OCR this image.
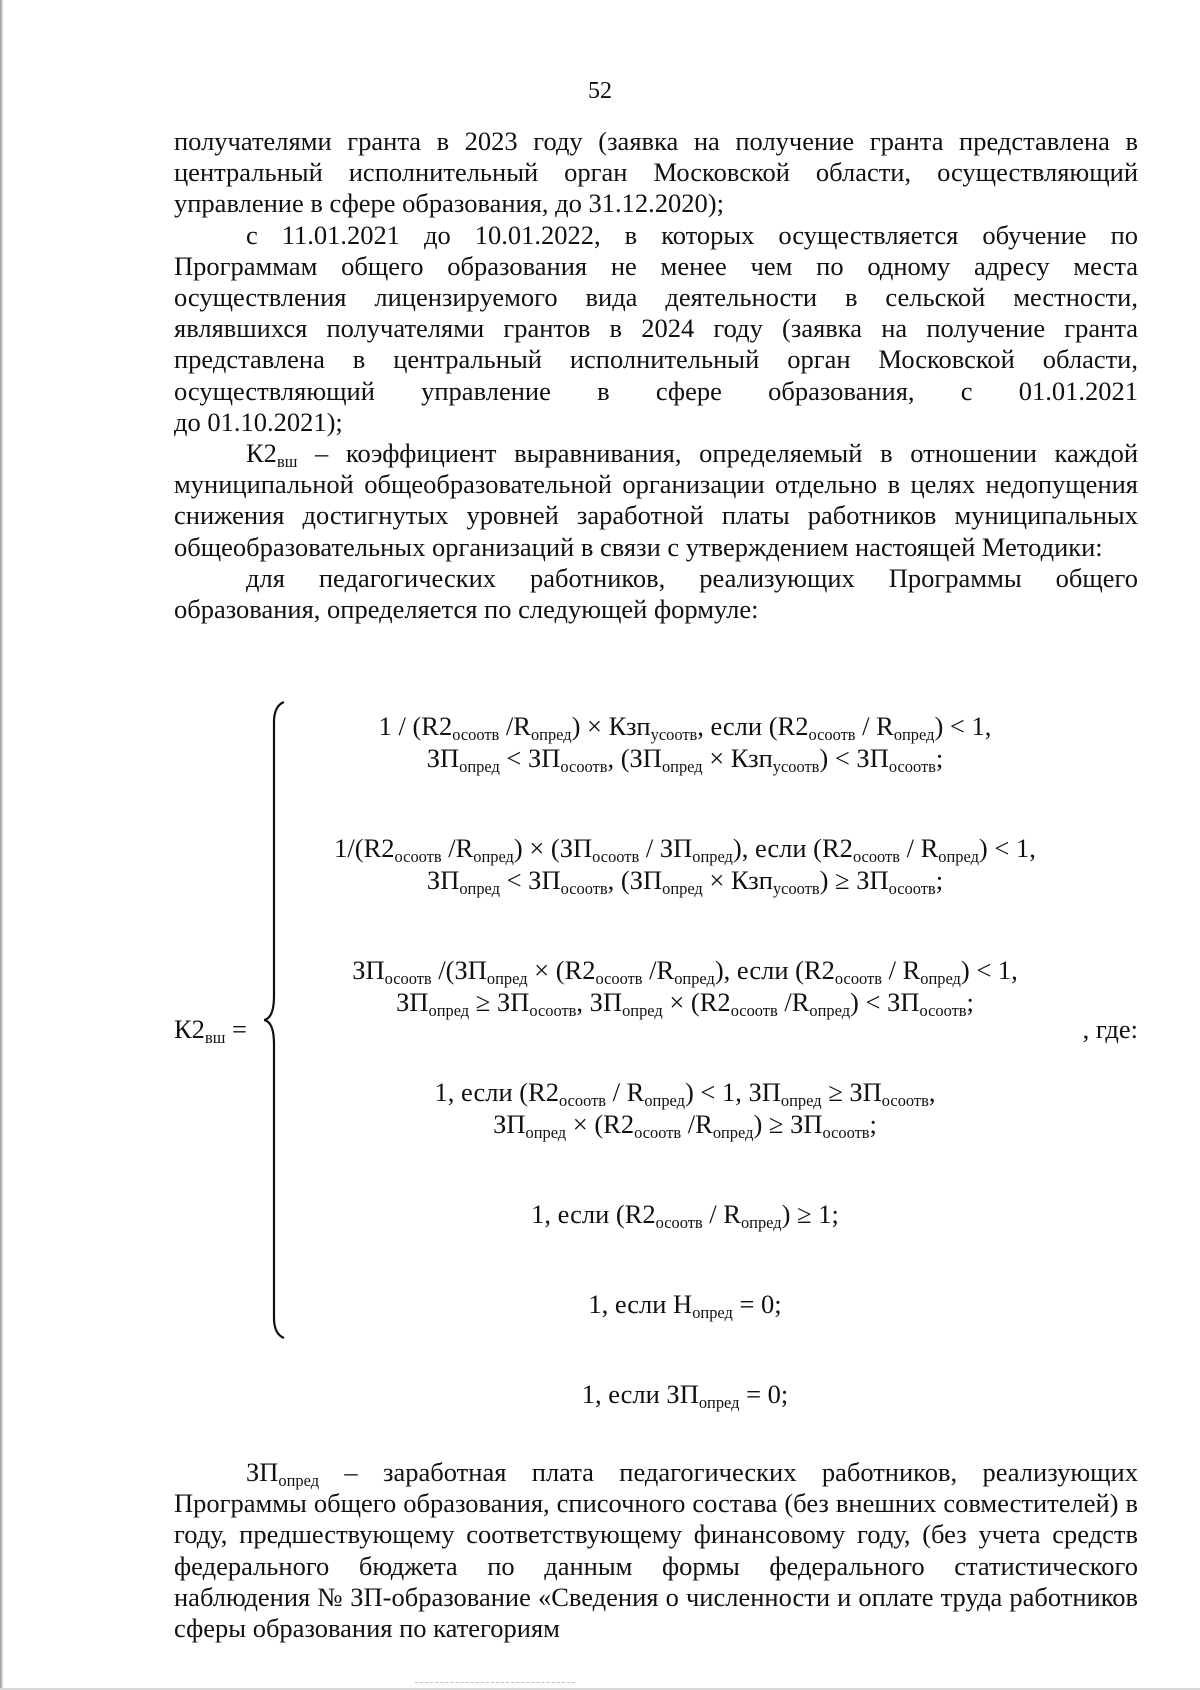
52

получателями гранта в 2023 году (заявка на получение гранта представлена в центральный исполнительный орган Московской области, осуществляющий управление в сфере образования, до 31.12.2020);

с 11.01.2021 до 10.01.2022, в которых осуществляется обучение по Программам общего образования не менее чем по одному адресу места осуществления лицензируемого вида деятельности в сельской местности, являвшихся получателями грантов в 2024 году (заявка на получение гранта представлена в центральный исполнительный орган Московской области, осуществляющий управление в сфере образования, с 01.01.2021

до 01.10.2021);

$К2_{вш}$ – коэффициент выравнивания, определяемый в отношении каждой муниципальной общеобразовательной организации отдельно в целях недопущения снижения достигнутых уровней заработной платы работников муниципальных общеобразовательных организаций в связи с утверждением настоящей Методики:

для педагогических работников, реализующих Программы общего образования, определяется по следующей формуле:

$К2_{вш}$ =
$1 / (R2_{осоотв}$ $/R_{опред}) \times Кзп_{усоотв}$, если $(R2_{осоотв} / R_{опред}) < 1$,
$ЗП_{опред} < ЗП_{осоотв}$, $(ЗП_{опред} \times Кзп_{усоотв}) < ЗП_{осоотв}$;
$1/(R2_{осоотв}$ $/R_{опред}) \times (ЗП_{осоотв} / ЗП_{опред})$, если $(R2_{осоотв} / R_{опред}) < 1$,
$ЗП_{опред} < ЗП_{осоотв}$, $(ЗП_{опред} \times Кзп_{усоотв}) \ge ЗП_{осоотв}$;
$ЗП_{осоотв}$ $/(ЗП_{опред} \times (R2_{осоотв}$ $/R_{опред}$), если $(R2_{осоотв} / R_{опред}) < 1$,
$ЗП_{опред} \ge ЗП_{осоотв}$, $ЗП_{опред} \times (R2_{осоотв}$ $/R_{опред}) < ЗП_{осоотв}$;
1, если $(R2_{осоотв} / R_{опред}) < 1$, $ЗП_{опред} \ge ЗП_{осоотв}$,
$ЗП_{опред} \times (R2_{осоотв}$ $/R_{опред}) \ge ЗП_{осоотв}$;
1, если $(R2_{осоотв} / R_{опред}) \ge 1$;
1, если $Н_{опред} = 0$;
1, если $ЗП_{опред} = 0$;
, где:

$ЗП_{опред}$ – заработная плата педагогических работников, реализующих Программы общего образования, списочного состава (без внешних совместителей) в году, предшествующему соответствующему финансовому году, (без учета средств федерального бюджета по данным формы федерального статистического наблюдения № ЗП-образование «Сведения о численности и оплате труда работников сферы образования по категориям
